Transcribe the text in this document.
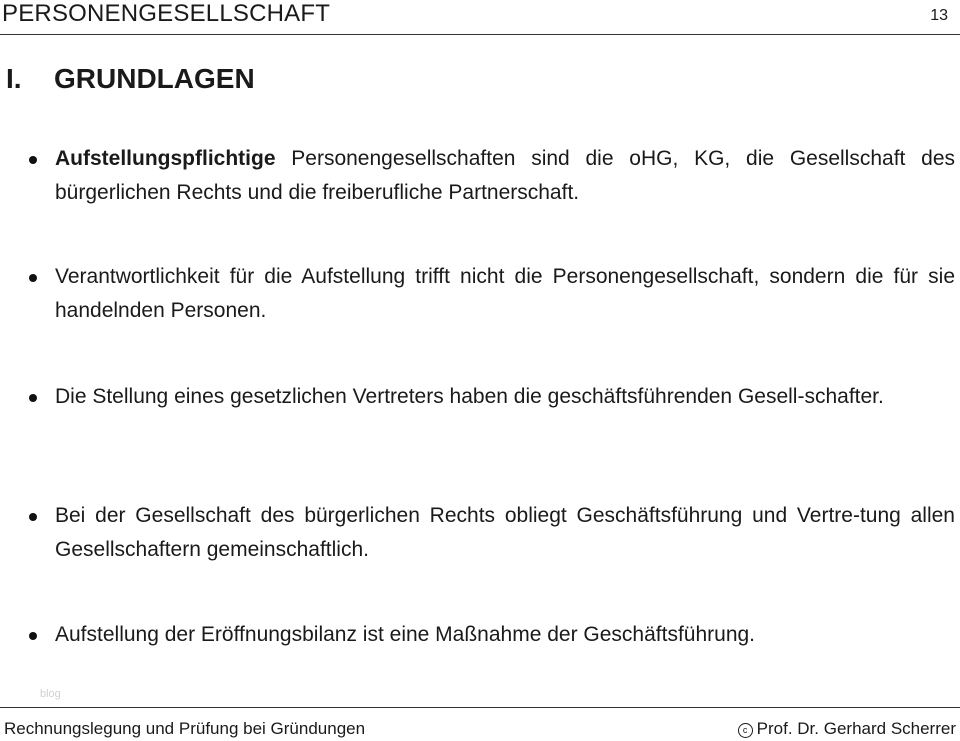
PERSONENGESELLSCHAFT	13
I. GRUNDLAGEN
Aufstellungspflichtige Personengesellschaften sind die oHG, KG, die Gesellschaft des bürgerlichen Rechts und die freiberufliche Partnerschaft.
Verantwortlichkeit für die Aufstellung trifft nicht die Personengesellschaft, sondern die für sie handelnden Personen.
Die Stellung eines gesetzlichen Vertreters haben die geschäftsführenden Gesell-schafter.
Bei der Gesellschaft des bürgerlichen Rechts obliegt Geschäftsführung und Vertre-tung allen Gesellschaftern gemeinschaftlich.
Aufstellung der Eröffnungsbilanz ist eine Maßnahme der Geschäftsführung.
blog
Rechnungslegung und Prüfung bei Gründungen	c Prof. Dr. Gerhard Scherrer
